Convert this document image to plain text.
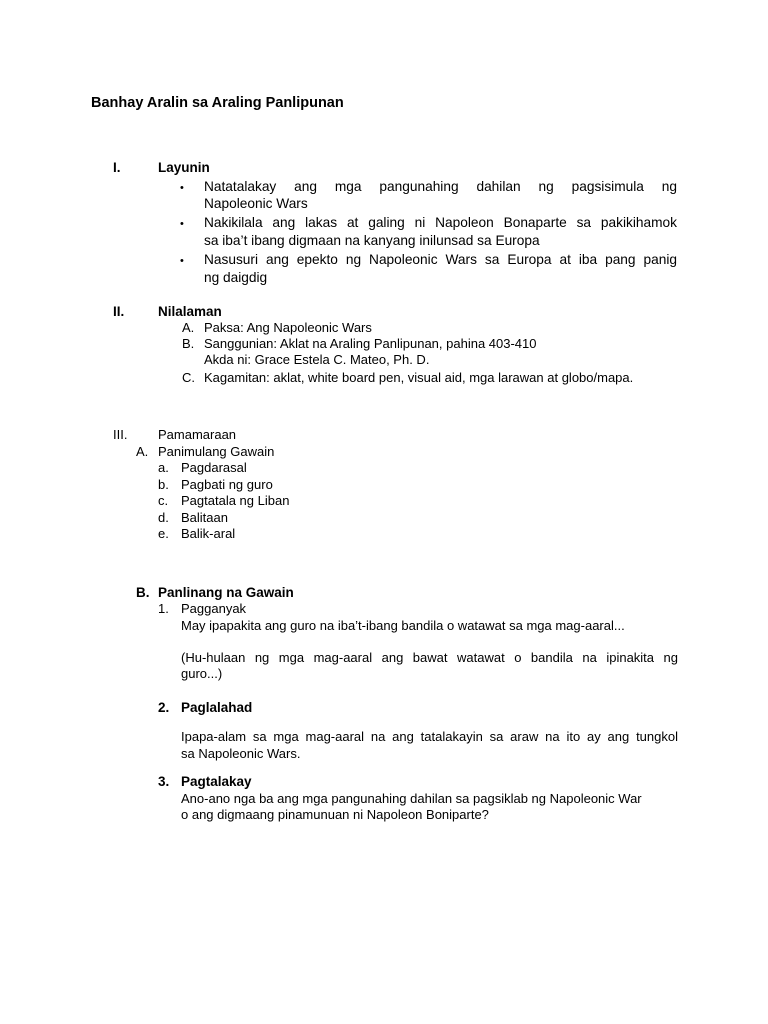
Banhay Aralin sa Araling Panlipunan
I.	Layunin
• Natatalakay ang mga pangunahing dahilan ng pagsisimula ng
Napoleonic Wars
• Nakikilala ang lakas at galing ni Napoleon Bonaparte sa pakikihamok
sa iba’t ibang digmaan na kanyang inilunsad sa Europa
• Nasusuri ang epekto ng Napoleonic Wars sa Europa at iba pang panig
ng daigdig
II. Nilalaman
A. Paksa: Ang Napoleonic Wars
B. Sanggunian: Aklat na Araling Panlipunan, pahina 403-410
Akda ni: Grace Estela C. Mateo, Ph. D.
C. Kagamitan: aklat, white board pen, visual aid, mga larawan at globo/mapa.
III. Pamamaraan
A. Panimulang Gawain
a. Pagdarasal
b. Pagbati ng guro
c. Pagtatala ng Liban
d. Balitaan
e. Balik-aral
B. Panlinang na Gawain
1. Pagganyak
May ipapakita ang guro na iba’t-ibang bandila o watawat sa mga mag-aaral...
(Hu-hulaan ng mga mag-aaral ang bawat watawat o bandila na ipinakita ng
guro...)
2. Paglalahad
Ipapa-alam sa mga mag-aaral na ang tatalakayin sa araw na ito ay ang tungkol
sa Napoleonic Wars.
3. Pagtalakay
Ano-ano nga ba ang mga pangunahing dahilan sa pagsiklab ng Napoleonic War
o ang digmaang pinamunuan ni Napoleon Boniparte?
